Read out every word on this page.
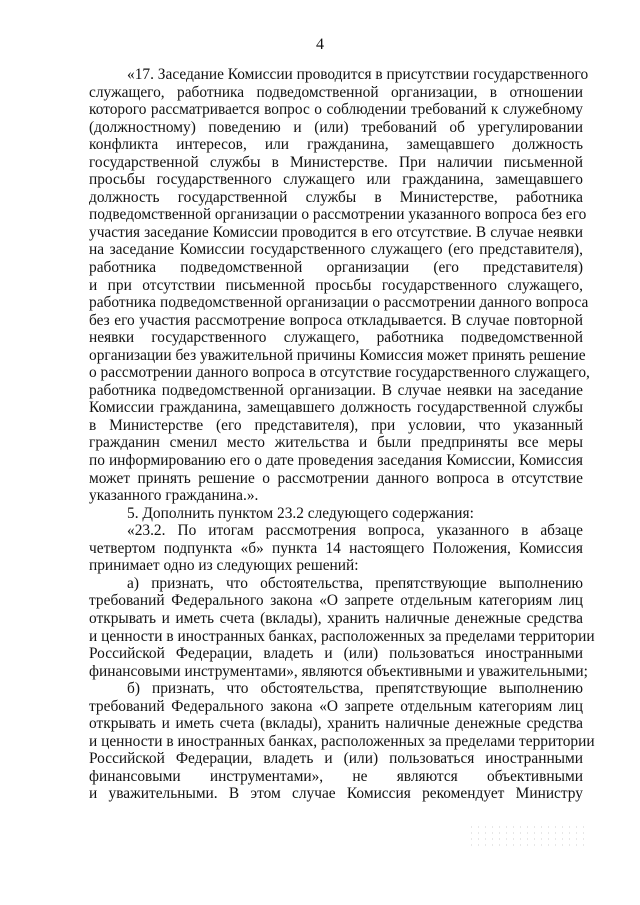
4
«17. Заседание Комиссии проводится в присутствии государственного
служащего, работника подведомственной организации, в отношении
которого рассматривается вопрос о соблюдении требований к служебному
(должностному) поведению и (или) требований об урегулировании
конфликта интересов, или гражданина, замещавшего должность
государственной службы в Министерстве. При наличии письменной
просьбы государственного служащего или гражданина, замещавшего
должность государственной службы в Министерстве, работника
подведомственной организации о рассмотрении указанного вопроса без его
участия заседание Комиссии проводится в его отсутствие. В случае неявки
на заседание Комиссии государственного служащего (его представителя),
работника подведомственной организации (его представителя)
и при отсутствии письменной просьбы государственного служащего,
работника подведомственной организации о рассмотрении данного вопроса
без его участия рассмотрение вопроса откладывается. В случае повторной
неявки государственного служащего, работника подведомственной
организации без уважительной причины Комиссия может принять решение
о рассмотрении данного вопроса в отсутствие государственного служащего,
работника подведомственной организации. В случае неявки на заседание
Комиссии гражданина, замещавшего должность государственной службы
в Министерстве (его представителя), при условии, что указанный
гражданин сменил место жительства и были предприняты все меры
по информированию его о дате проведения заседания Комиссии, Комиссия
может принять решение о рассмотрении данного вопроса в отсутствие
указанного гражданина.».
5. Дополнить пунктом 23.2 следующего содержания:
«23.2. По итогам рассмотрения вопроса, указанного в абзаце
четвертом подпункта «б» пункта 14 настоящего Положения, Комиссия
принимает одно из следующих решений:
а) признать, что обстоятельства, препятствующие выполнению
требований Федерального закона «О запрете отдельным категориям лиц
открывать и иметь счета (вклады), хранить наличные денежные средства
и ценности в иностранных банках, расположенных за пределами территории
Российской Федерации, владеть и (или) пользоваться иностранными
финансовыми инструментами», являются объективными и уважительными;
б) признать, что обстоятельства, препятствующие выполнению
требований Федерального закона «О запрете отдельным категориям лиц
открывать и иметь счета (вклады), хранить наличные денежные средства
и ценности в иностранных банках, расположенных за пределами территории
Российской Федерации, владеть и (или) пользоваться иностранными
финансовыми инструментами», не являются объективными
и уважительными. В этом случае Комиссия рекомендует Министру
